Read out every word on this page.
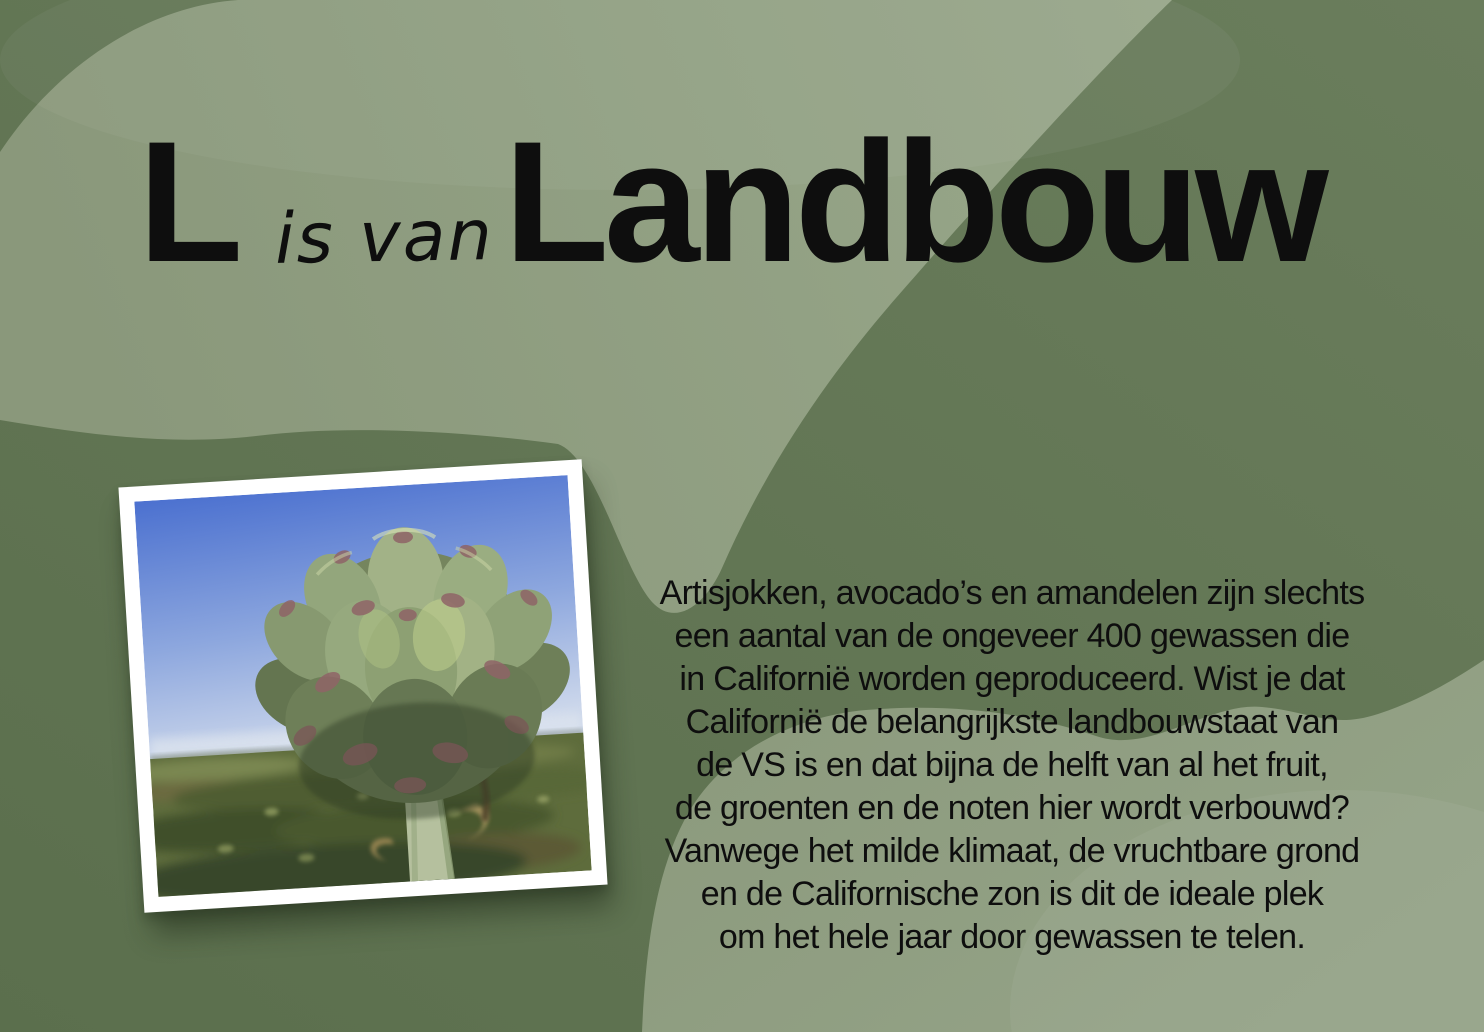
L is van Landbouw
Artisjokken, avocado’s en amandelen zijn slechts
een aantal van de ongeveer 400 gewassen die
in Californië worden geproduceerd. Wist je dat
Californië de belangrijkste landbouwstaat van
de VS is en dat bijna de helft van al het fruit,
de groenten en de noten hier wordt verbouwd?
Vanwege het milde klimaat, de vruchtbare grond
en de Californische zon is dit de ideale plek
om het hele jaar door gewassen te telen.
